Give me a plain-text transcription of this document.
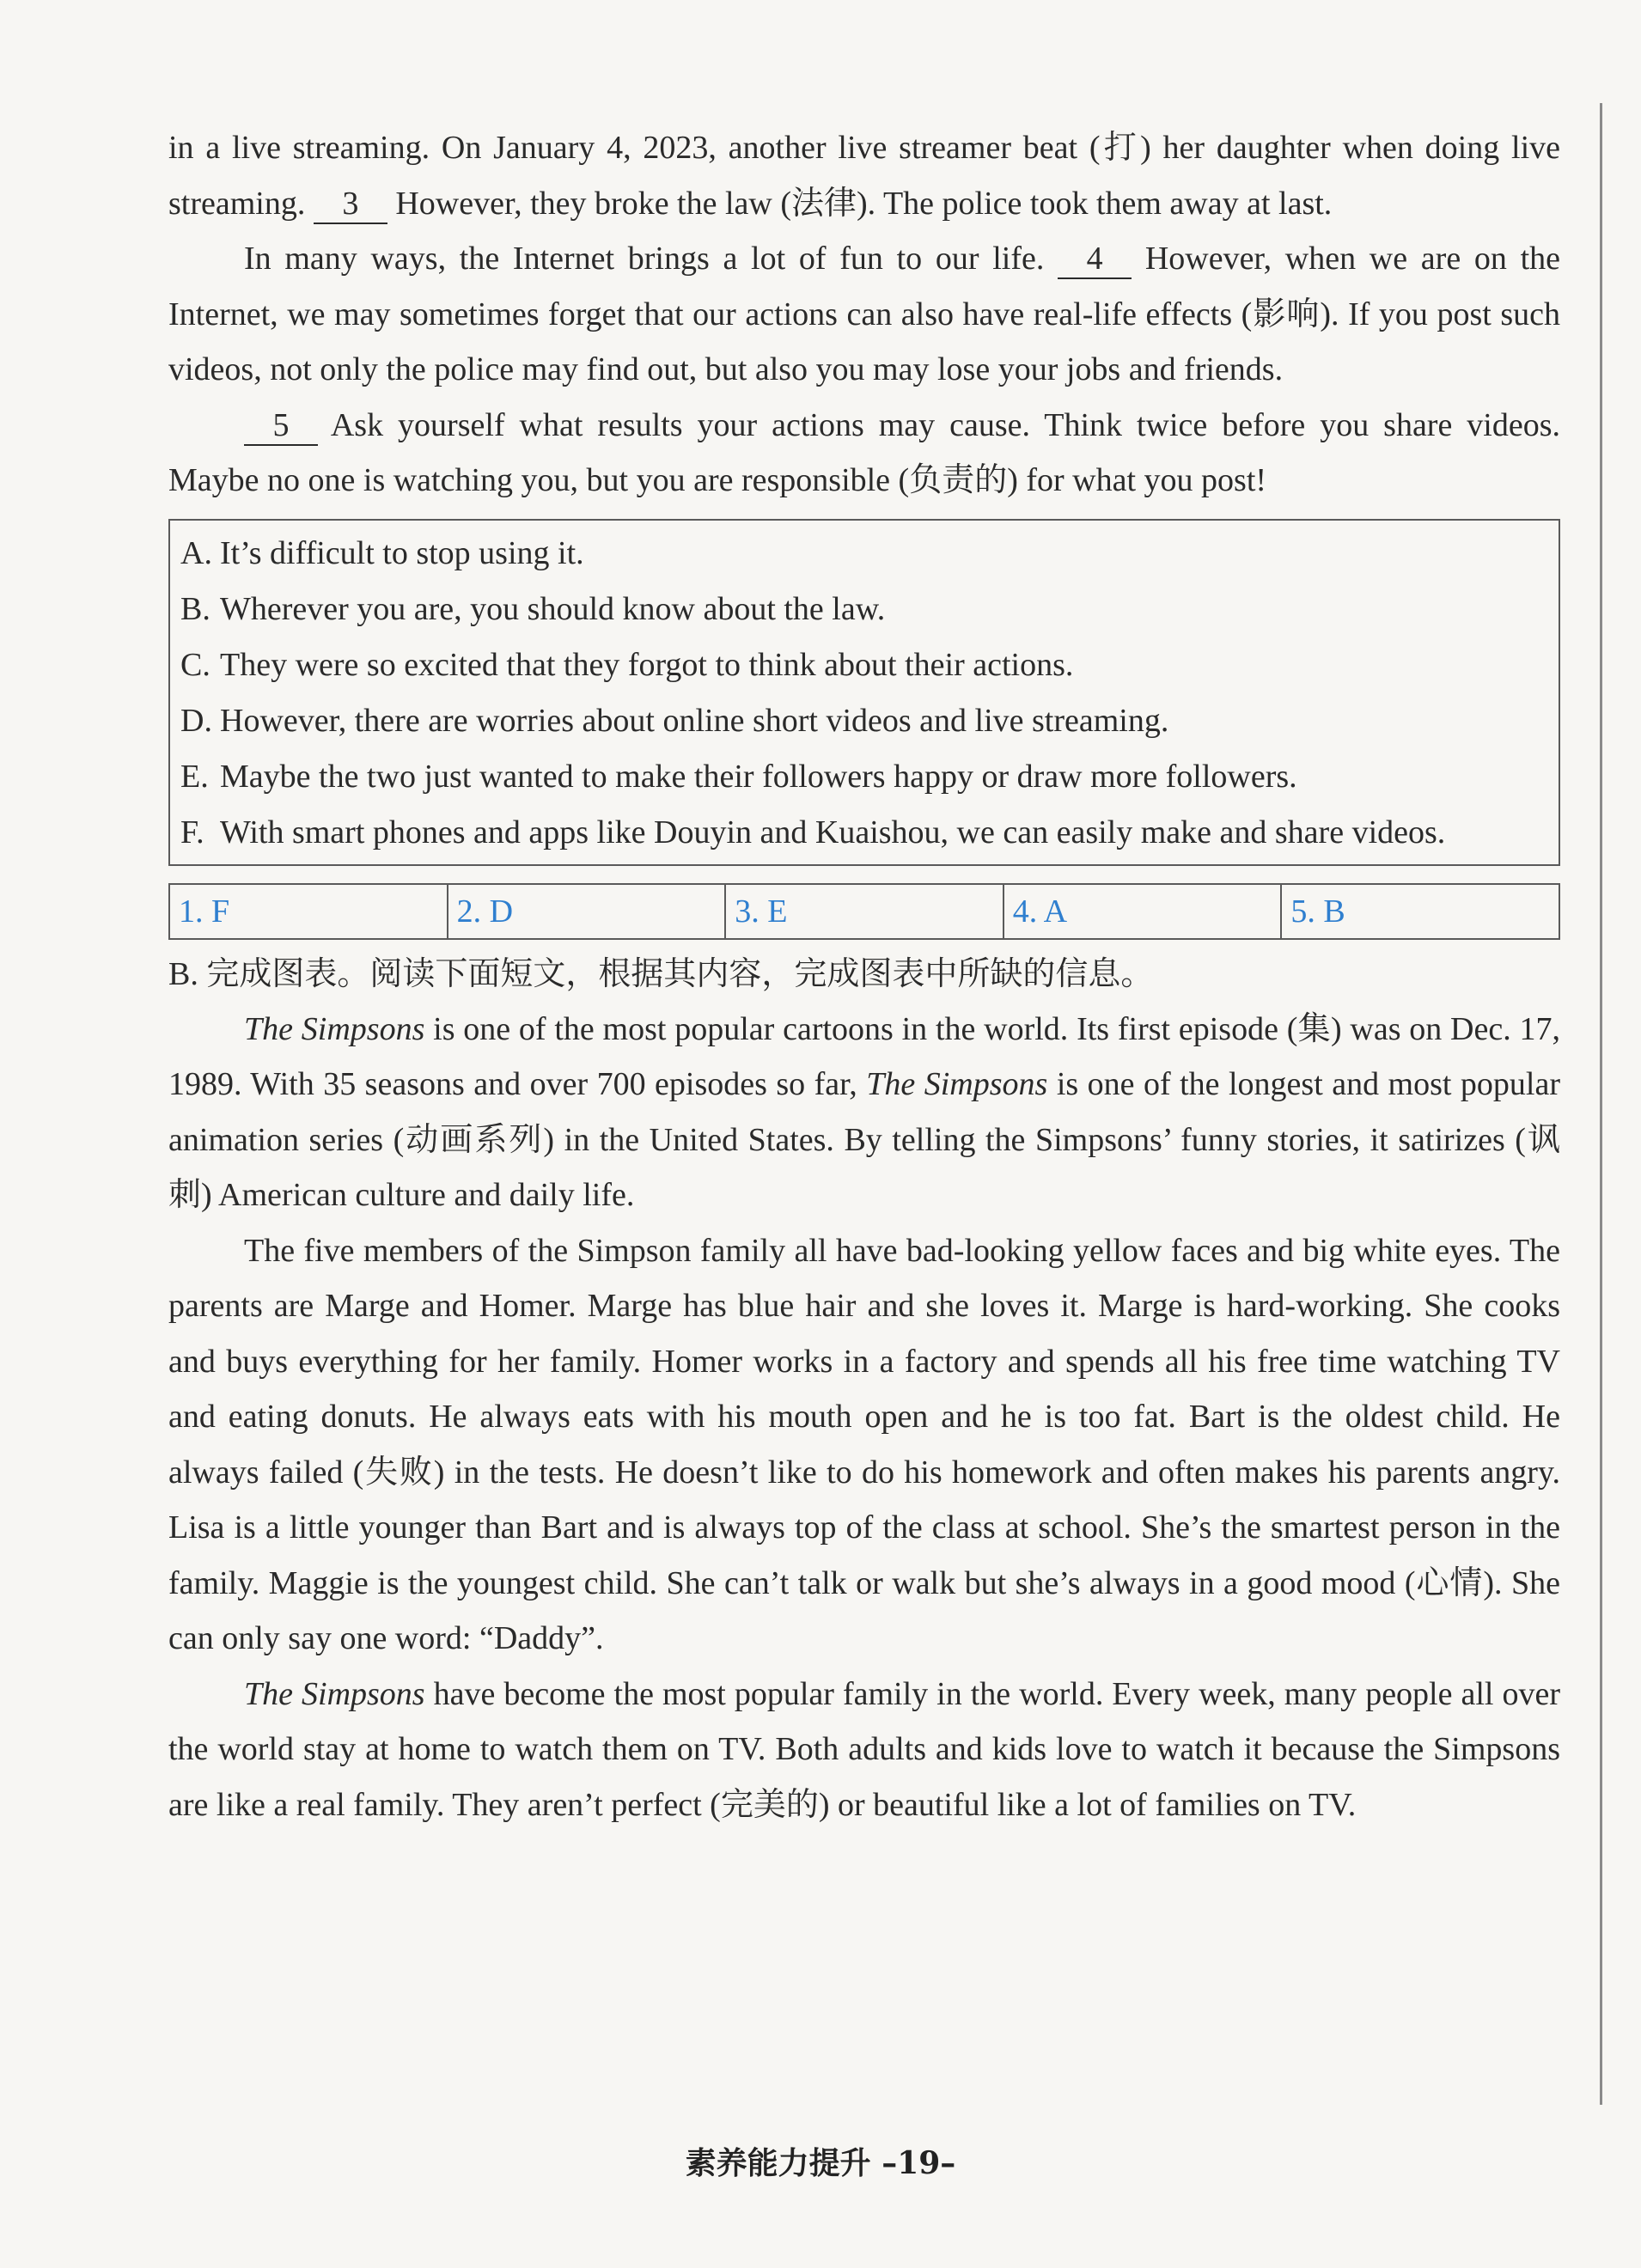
in a live streaming. On January 4, 2023, another live streamer beat (打) her daughter when doing live streaming. 3 However, they broke the law (法律). The police took them away at last.

In many ways, the Internet brings a lot of fun to our life. 4 However, when we are on the Internet, we may sometimes forget that our actions can also have real-life effects (影响). If you post such videos, not only the police may find out, but also you may lose your jobs and friends.

5 Ask yourself what results your actions may cause. Think twice before you share videos. Maybe no one is watching you, but you are responsible (负责的) for what you post!

A. It’s difficult to stop using it.
B. Wherever you are, you should know about the law.
C. They were so excited that they forgot to think about their actions.
D. However, there are worries about online short videos and live streaming.
E. Maybe the two just wanted to make their followers happy or draw more followers.
F. With smart phones and apps like Douyin and Kuaishou, we can easily make and share videos.
1. F	2. D	3. E	4. A	5. B
B. 完成图表。阅读下面短文，根据其内容，完成图表中所缺的信息。

The Simpsons is one of the most popular cartoons in the world. Its first episode (集) was on Dec. 17, 1989. With 35 seasons and over 700 episodes so far, The Simpsons is one of the longest and most popular animation series (动画系列) in the United States. By telling the Simpsons’ funny stories, it satirizes (讽刺) American culture and daily life.

The five members of the Simpson family all have bad-looking yellow faces and big white eyes. The parents are Marge and Homer. Marge has blue hair and she loves it. Marge is hard-working. She cooks and buys everything for her family. Homer works in a factory and spends all his free time watching TV and eating donuts. He always eats with his mouth open and he is too fat. Bart is the oldest child. He always failed (失败) in the tests. He doesn’t like to do his homework and often makes his parents angry. Lisa is a little younger than Bart and is always top of the class at school. She’s the smartest person in the family. Maggie is the youngest child. She can’t talk or walk but she’s always in a good mood (心情). She can only say one word: “Daddy”.

The Simpsons have become the most popular family in the world. Every week, many people all over the world stay at home to watch them on TV. Both adults and kids love to watch it because the Simpsons are like a real family. They aren’t perfect (完美的) or beautiful like a lot of families on TV.

素养能力提升 –19–
